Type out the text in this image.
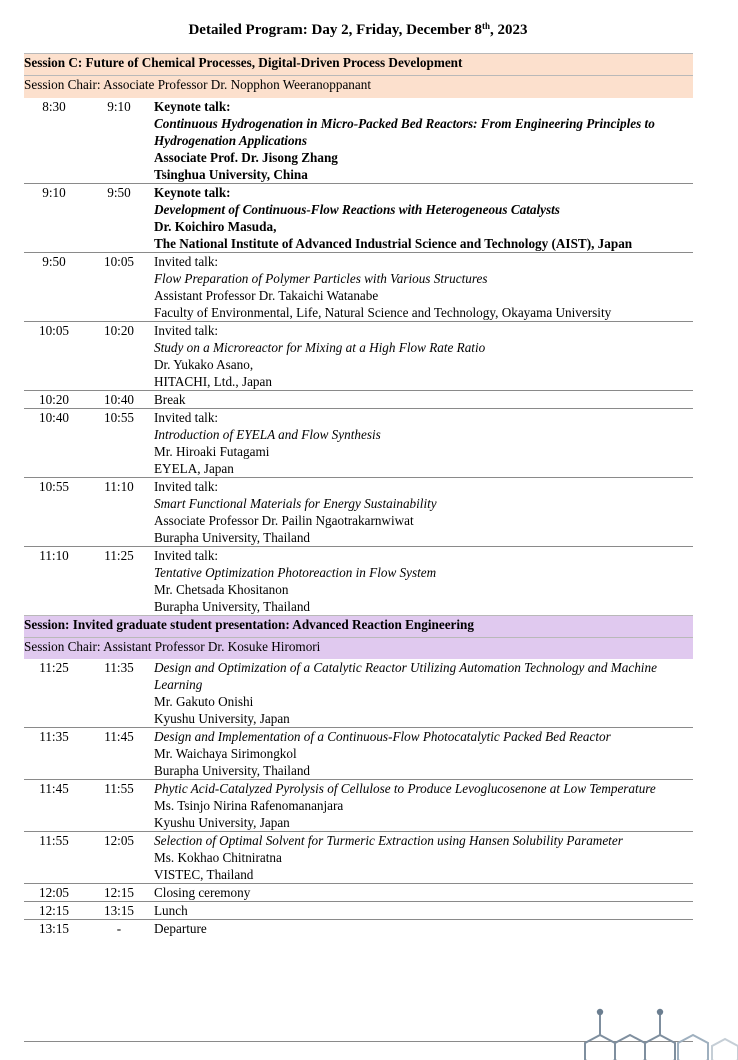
Detailed Program: Day 2, Friday, December 8th, 2023
Session C: Future of Chemical Processes, Digital-Driven Process Development		
Session Chair: Associate Professor Dr. Nopphon Weeranoppanant		
8:30	9:10	Keynote talk:
Continuous Hydrogenation in Micro-Packed Bed Reactors: From Engineering Principles to Hydrogenation Applications
Associate Prof. Dr. Jisong Zhang
Tsinghua University, China

9:10	9:50	Keynote talk:
Development of Continuous-Flow Reactions with Heterogeneous Catalysts
Dr. Koichiro Masuda,
The National Institute of Advanced Industrial Science and Technology (AIST), Japan

9:50	10:05	Invited talk:
Flow Preparation of Polymer Particles with Various Structures
Assistant Professor Dr. Takaichi Watanabe
Faculty of Environmental, Life, Natural Science and Technology, Okayama University

10:05	10:20	Invited talk:
Study on a Microreactor for Mixing at a High Flow Rate Ratio
Dr. Yukako Asano,
HITACHI, Ltd., Japan

10:20	10:40	Break

10:40	10:55	Invited talk:
Introduction of EYELA and Flow Synthesis
Mr. Hiroaki Futagami
EYELA, Japan

10:55	11:10	Invited talk:
Smart Functional Materials for Energy Sustainability
Associate Professor Dr. Pailin Ngaotrakarnwiwat
Burapha University, Thailand

11:10	11:25	Invited talk:
Tentative Optimization Photoreaction in Flow System
Mr. Chetsada Khositanon
Burapha University, Thailand

Session: Invited graduate student presentation: Advanced Reaction Engineering		
Session Chair: Assistant Professor Dr. Kosuke Hiromori		
11:25	11:35	Design and Optimization of a Catalytic Reactor Utilizing Automation Technology and Machine Learning
Mr. Gakuto Onishi
Kyushu University, Japan

11:35	11:45	Design and Implementation of a Continuous-Flow Photocatalytic Packed Bed Reactor
Mr. Waichaya Sirimongkol
Burapha University, Thailand

11:45	11:55	Phytic Acid-Catalyzed Pyrolysis of Cellulose to Produce Levoglucosenone at Low Temperature
Ms. Tsinjo Nirina Rafenomananjara
Kyushu University, Japan

11:55	12:05	Selection of Optimal Solvent for Turmeric Extraction using Hansen Solubility Parameter
Ms. Kokhao Chitniratna
VISTEC, Thailand

12:05	12:15	Closing ceremony

12:15	13:15	Lunch

13:15	-	Departure
